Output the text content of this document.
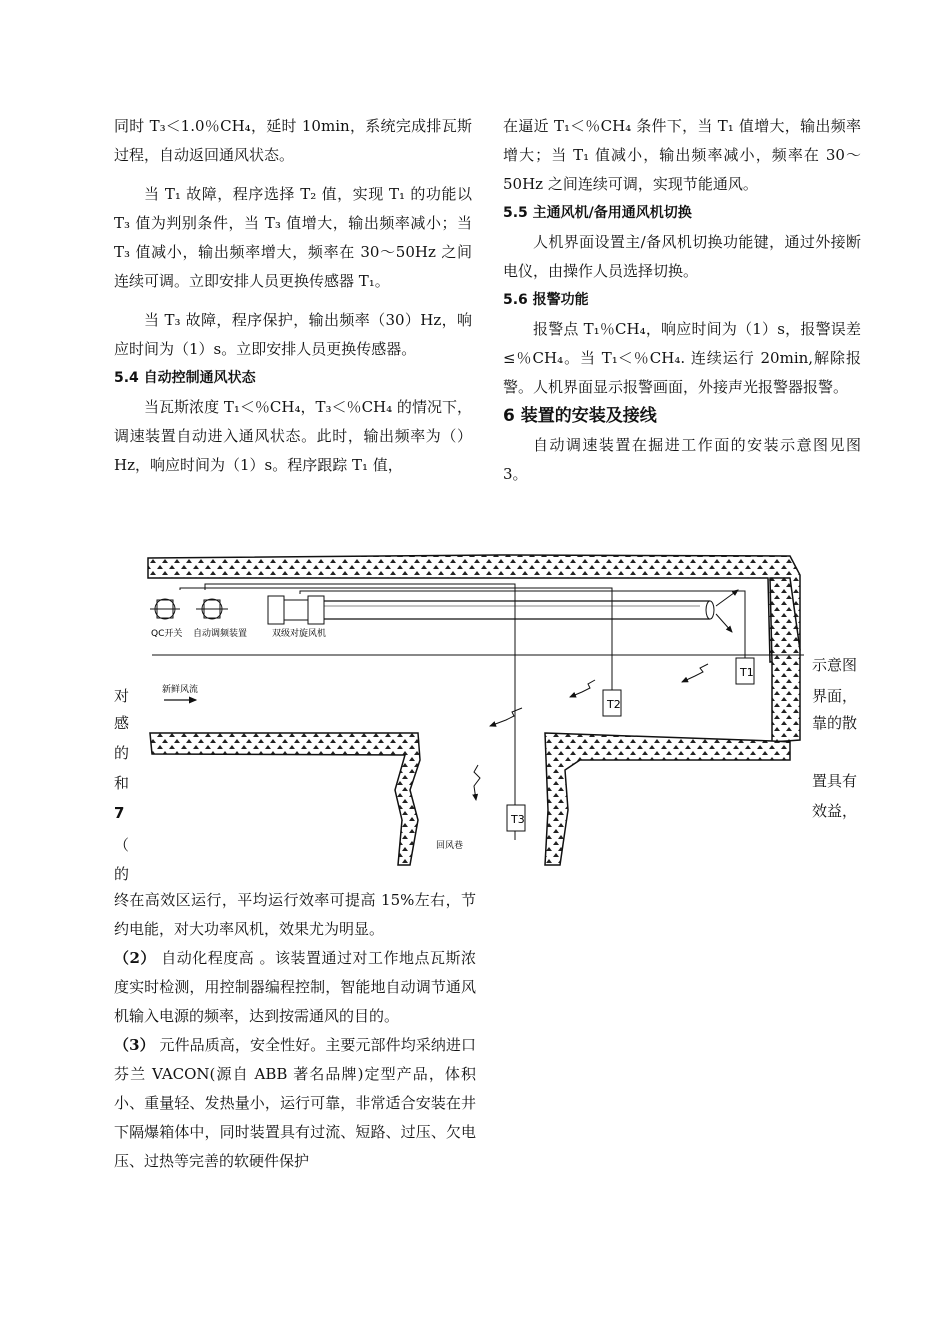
同时 T₃＜1.0％CH₄，延时 10min，系统完成排瓦斯过程，自动返回通风状态。

当 T₁ 故障，程序选择 T₂ 值，实现 T₁ 的功能以 T₃ 值为判别条件，当 T₃ 值增大，输出频率减小；当 T₃ 值减小，输出频率增大，频率在 30～50Hz 之间连续可调。立即安排人员更换传感器 T₁。

当 T₃ 故障，程序保护，输出频率（30）Hz，响应时间为（1）s。立即安排人员更换传感器。

5.4 自动控制通风状态

当瓦斯浓度 T₁＜％CH₄，T₃＜％CH₄ 的情况下，调速装置自动进入通风状态。此时，输出频率为（）Hz，响应时间为（1）s。程序跟踪 T₁ 值，

在逼近 T₁＜％CH₄ 条件下，当 T₁ 值增大，输出频率增大；当 T₁ 值减小，输出频率减小，频率在 30～50Hz 之间连续可调，实现节能通风。

5.5 主通风机/备用通风机切换

人机界面设置主/备风机切换功能键，通过外接断电仪，由操作人员选择切换。

5.6 报警功能

报警点 T₁％CH₄，响应时间为（1）s，报警误差≤％CH₄。当 T₁＜％CH₄. 连续运行 20min,解除报警。人机界面显示报警画面，外接声光报警器报警。

6 装置的安装及接线

自动调速装置在掘进工作面的安装示意图见图 3。

对
感
的
和
7
（
示意图
界面，
靠的散
置具有
效益，
QC开关 自动调频装置	双级对旋风机
新鲜风流
回风巷
T1
T2
T3

的

终在高效区运行，平均运行效率可提高 15%左右，节约电能，对大功率风机，效果尤为明显。

（2） 自动化程度高 。该装置通过对工作地点瓦斯浓度实时检测，用控制器编程控制，智能地自动调节通风机输入电源的频率，达到按需通风的目的。

（3） 元件品质高，安全性好。主要元部件均采纳进口芬兰 VACON(源自 ABB 著名品牌)定型产品，体积小、重量轻、发热量小，运行可靠，非常适合安装在井下隔爆箱体中，同时装置具有过流、短路、过压、欠电压、过热等完善的软硬件保护
